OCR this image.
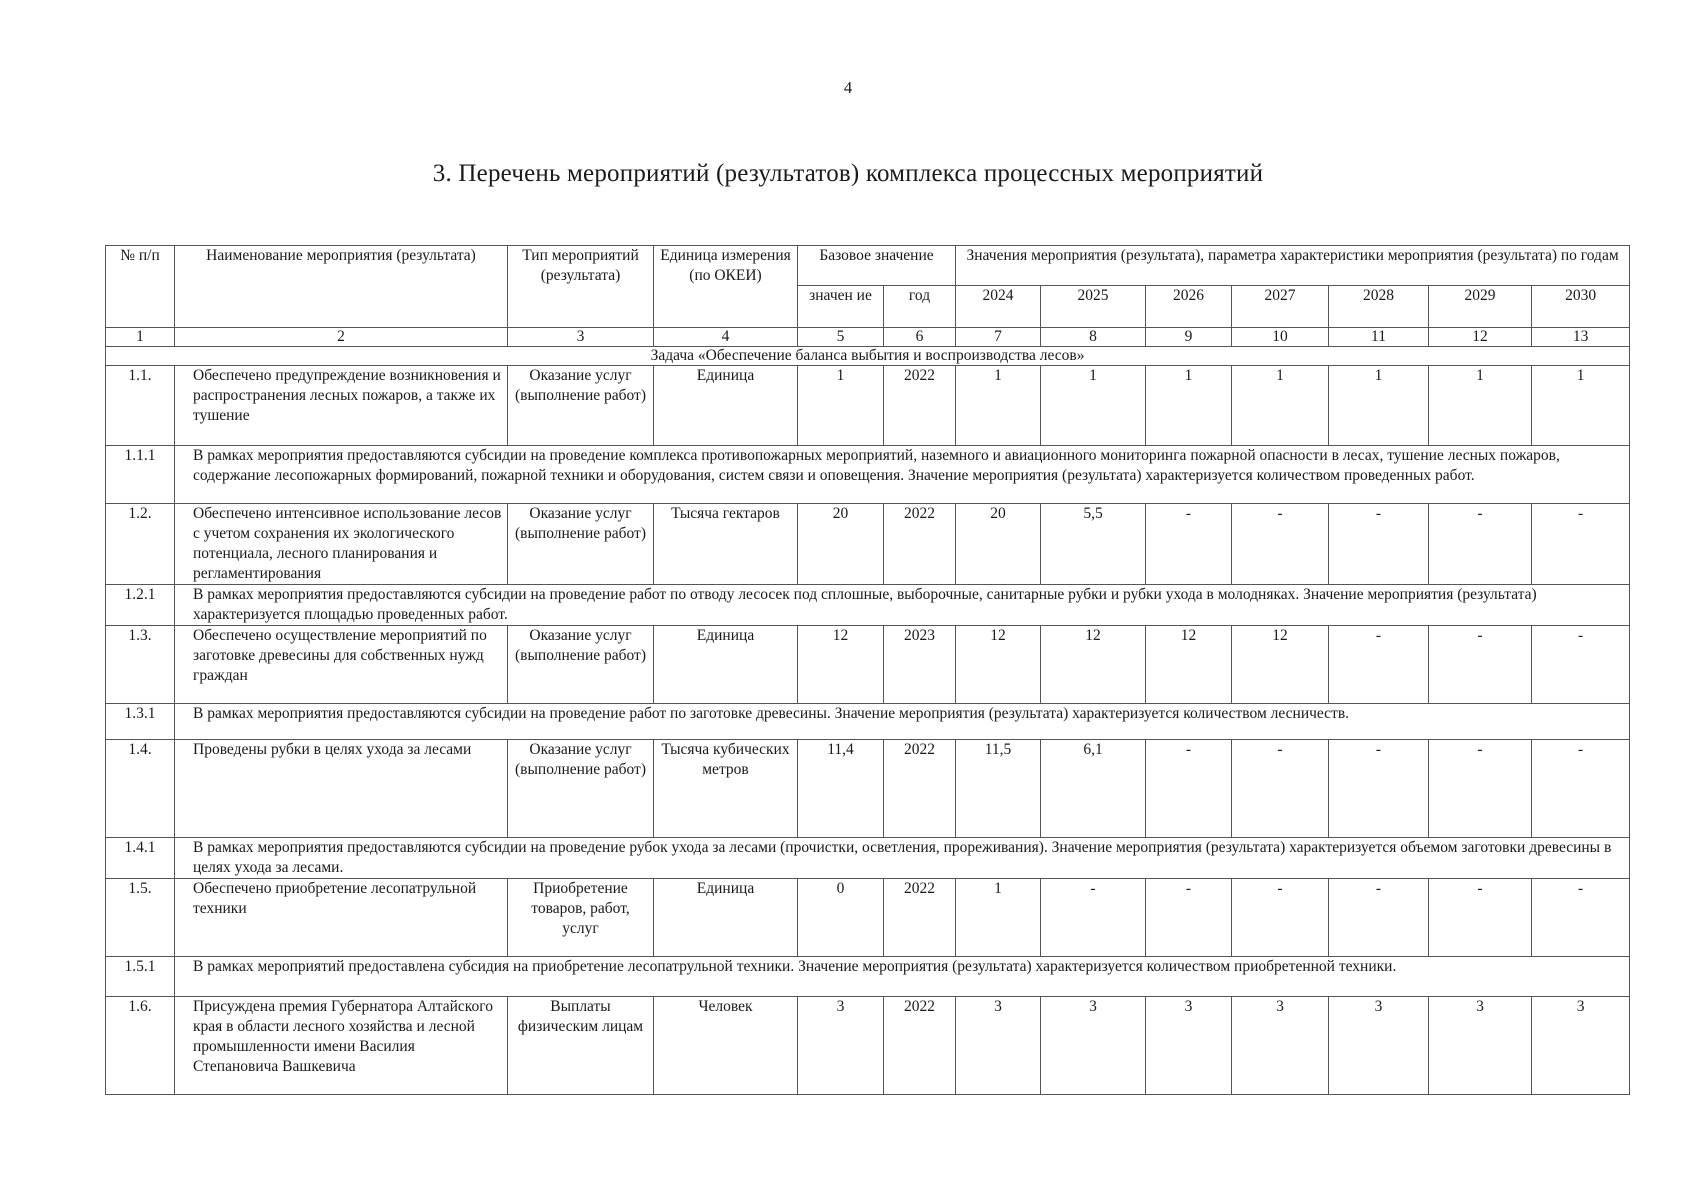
4
3. Перечень мероприятий (результатов) комплекса процессных мероприятий
№ п/п	Наименование мероприятия (результата)	Тип мероприятий (результата)	Единица измерения (по ОКЕИ)	Базовое значение		Значения мероприятия (результата), параметра характеристики мероприятия (результата) по годам						
				значен ие	год	2024	2025	2026	2027	2028	2029	2030
1	2	3	4	5	6	7	8	9	10	11	12	13
Задача «Обеспечение баланса выбытия и воспроизводства лесов»												
1.1.	Обеспечено предупреждение возникновения и распространения лесных пожаров, а также их тушение	Оказание услуг (выполнение работ)	Единица	1	2022	1	1	1	1	1	1	1
1.1.1	В рамках мероприятия предоставляются субсидии на проведение комплекса противопожарных мероприятий, наземного и авиационного мониторинга пожарной опасности в лесах, тушение лесных пожаров, содержание лесопожарных формирований, пожарной техники и оборудования, систем связи и оповещения. Значение мероприятия (результата) характеризуется количеством проведенных работ.											
1.2.	Обеспечено интенсивное использование лесов с учетом сохранения их экологического потенциала, лесного планирования и регламентирования	Оказание услуг (выполнение работ)	Тысяча гектаров	20	2022	20	5,5	-	-	-	-	-
1.2.1	В рамках мероприятия предоставляются субсидии на проведение работ по отводу лесосек под сплошные, выборочные, санитарные рубки и рубки ухода в молодняках. Значение мероприятия (результата) характеризуется площадью проведенных работ.											
1.3.	Обеспечено осуществление мероприятий по заготовке древесины для собственных нужд граждан	Оказание услуг (выполнение работ)	Единица	12	2023	12	12	12	12	-	-	-
1.3.1	В рамках мероприятия предоставляются субсидии на проведение работ по заготовке древесины. Значение мероприятия (результата) характеризуется количеством лесничеств.											
1.4.	Проведены рубки в целях ухода за лесами	Оказание услуг (выполнение работ)	Тысяча кубических метров	11,4	2022	11,5	6,1	-	-	-	-	-
1.4.1	В рамках мероприятия предоставляются субсидии на проведение рубок ухода за лесами (прочистки, осветления, прореживания). Значение мероприятия (результата) характеризуется объемом заготовки древесины в целях ухода за лесами.											
1.5.	Обеспечено приобретение лесопатрульной техники	Приобретение товаров, работ, услуг	Единица	0	2022	1	-	-	-	-	-	-
1.5.1	В рамках мероприятий предоставлена субсидия на приобретение лесопатрульной техники. Значение мероприятия (результата) характеризуется количеством приобретенной техники.											
1.6.	Присуждена премия Губернатора Алтайского края в области лесного хозяйства и лесной промышленности имени Василия Степановича Вашкевича	Выплаты физическим лицам	Человек	3	2022	3	3	3	3	3	3	3
